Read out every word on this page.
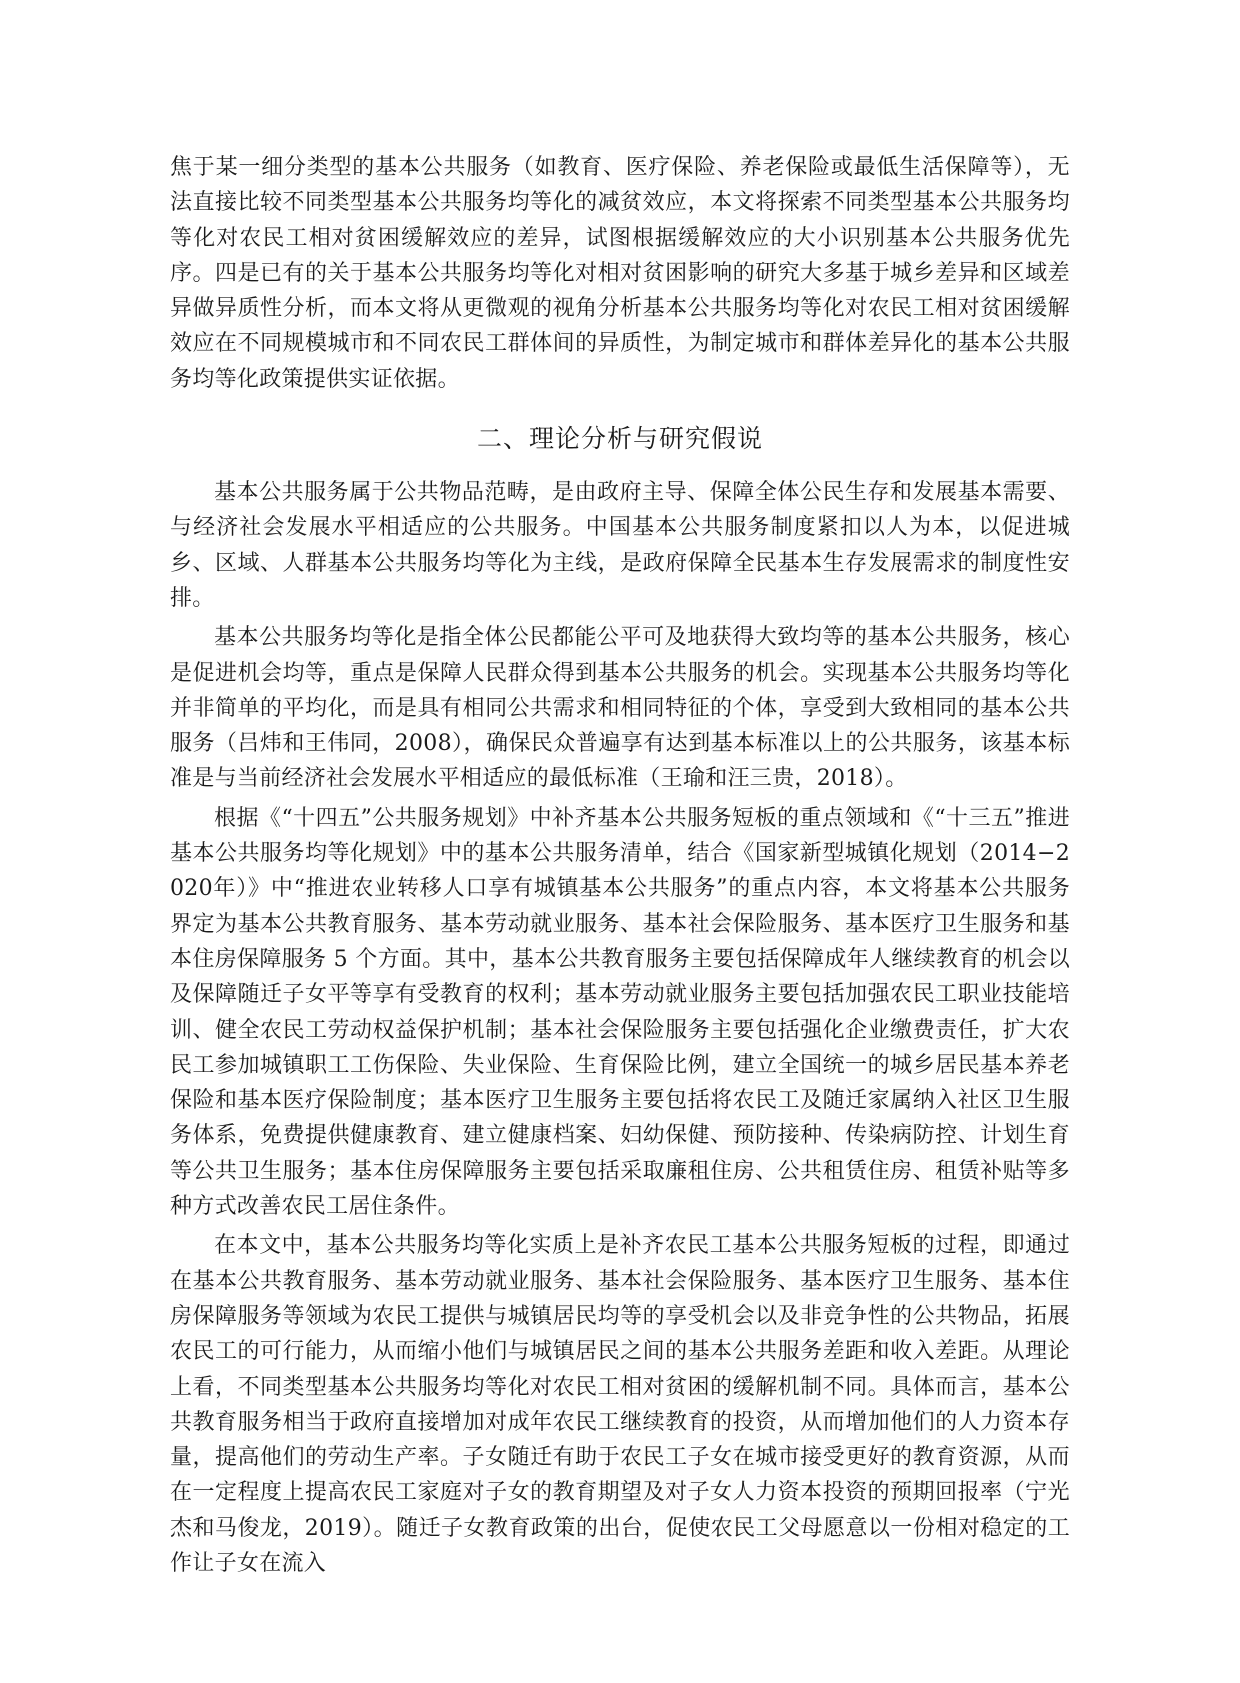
焦于某一细分类型的基本公共服务（如教育、医疗保险、养老保险或最低生活保障等），无法直接比较不同类型基本公共服务均等化的减贫效应，本文将探索不同类型基本公共服务均等化对农民工相对贫困缓解效应的差异，试图根据缓解效应的大小识别基本公共服务优先序。四是已有的关于基本公共服务均等化对相对贫困影响的研究大多基于城乡差异和区域差异做异质性分析，而本文将从更微观的视角分析基本公共服务均等化对农民工相对贫困缓解效应在不同规模城市和不同农民工群体间的异质性，为制定城市和群体差异化的基本公共服务均等化政策提供实证依据。

二、理论分析与研究假说

基本公共服务属于公共物品范畴，是由政府主导、保障全体公民生存和发展基本需要、与经济社会发展水平相适应的公共服务。中国基本公共服务制度紧扣以人为本，以促进城乡、区域、人群基本公共服务均等化为主线，是政府保障全民基本生存发展需求的制度性安排。

基本公共服务均等化是指全体公民都能公平可及地获得大致均等的基本公共服务，核心是促进机会均等，重点是保障人民群众得到基本公共服务的机会。实现基本公共服务均等化并非简单的平均化，而是具有相同公共需求和相同特征的个体，享受到大致相同的基本公共服务（吕炜和王伟同，2008），确保民众普遍享有达到基本标准以上的公共服务，该基本标准是与当前经济社会发展水平相适应的最低标准（王瑜和汪三贵，2018）。

根据《“十四五”公共服务规划》中补齐基本公共服务短板的重点领域和《“十三五”推进基本公共服务均等化规划》中的基本公共服务清单，结合《国家新型城镇化规划（2014−2020年）》中“推进农业转移人口享有城镇基本公共服务”的重点内容，本文将基本公共服务界定为基本公共教育服务、基本劳动就业服务、基本社会保险服务、基本医疗卫生服务和基本住房保障服务 5 个方面。其中，基本公共教育服务主要包括保障成年人继续教育的机会以及保障随迁子女平等享有受教育的权利；基本劳动就业服务主要包括加强农民工职业技能培训、健全农民工劳动权益保护机制；基本社会保险服务主要包括强化企业缴费责任，扩大农民工参加城镇职工工伤保险、失业保险、生育保险比例，建立全国统一的城乡居民基本养老保险和基本医疗保险制度；基本医疗卫生服务主要包括将农民工及随迁家属纳入社区卫生服务体系，免费提供健康教育、建立健康档案、妇幼保健、预防接种、传染病防控、计划生育等公共卫生服务；基本住房保障服务主要包括采取廉租住房、公共租赁住房、租赁补贴等多种方式改善农民工居住条件。

在本文中，基本公共服务均等化实质上是补齐农民工基本公共服务短板的过程，即通过在基本公共教育服务、基本劳动就业服务、基本社会保险服务、基本医疗卫生服务、基本住房保障服务等领域为农民工提供与城镇居民均等的享受机会以及非竞争性的公共物品，拓展农民工的可行能力，从而缩小他们与城镇居民之间的基本公共服务差距和收入差距。从理论上看，不同类型基本公共服务均等化对农民工相对贫困的缓解机制不同。具体而言，基本公共教育服务相当于政府直接增加对成年农民工继续教育的投资，从而增加他们的人力资本存量，提高他们的劳动生产率。子女随迁有助于农民工子女在城市接受更好的教育资源，从而在一定程度上提高农民工家庭对子女的教育期望及对子女人力资本投资的预期回报率（宁光杰和马俊龙，2019）。随迁子女教育政策的出台，促使农民工父母愿意以一份相对稳定的工作让子女在流入
